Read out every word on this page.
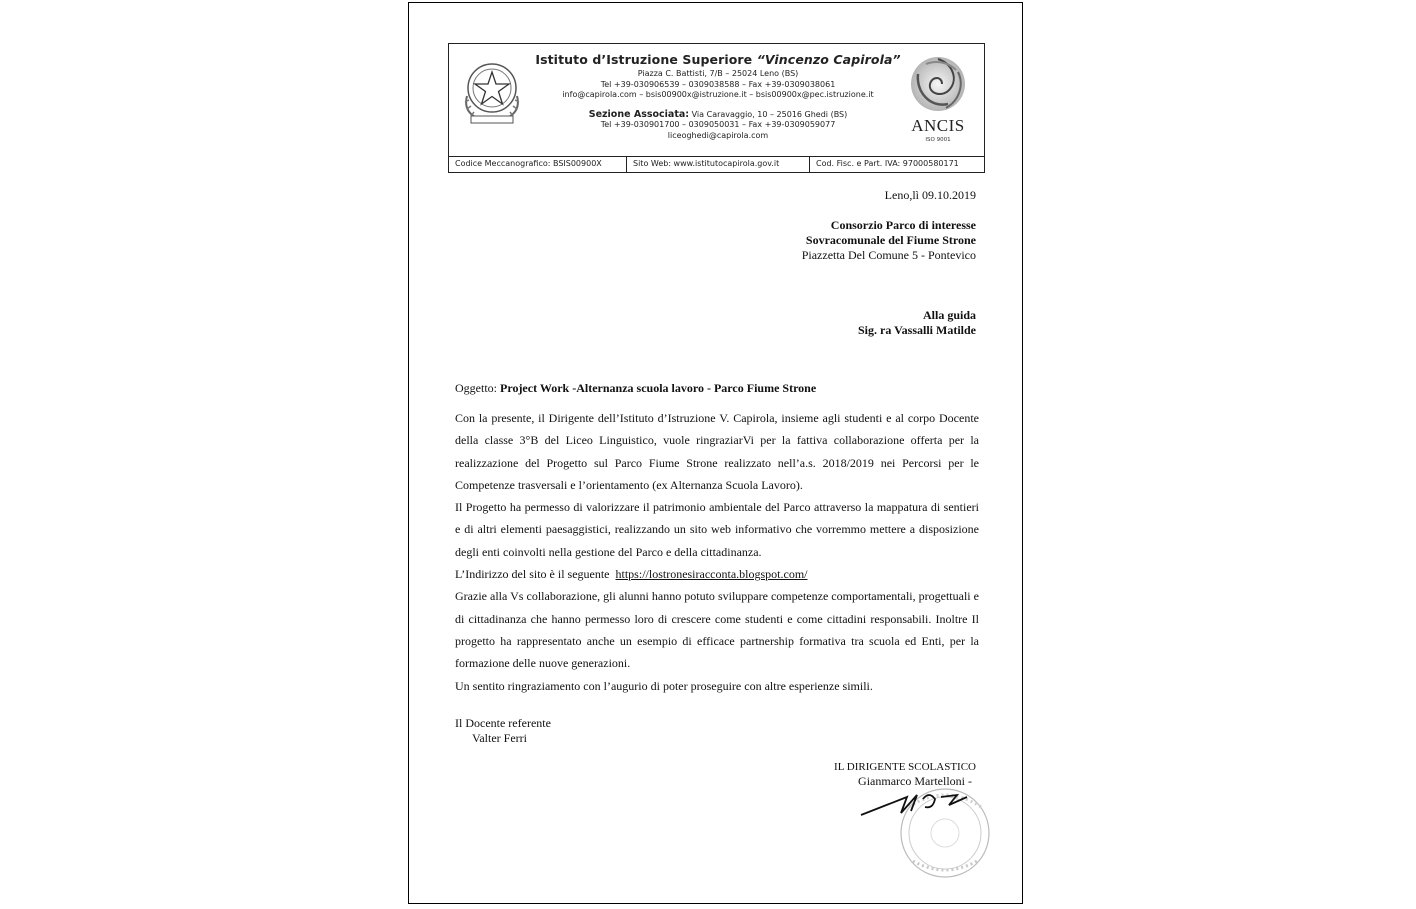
Istituto d’Istruzione Superiore “Vincenzo Capirola”
Piazza C. Battisti, 7/B – 25024 Leno (BS)
Tel +39-030906539 – 0309038588 – Fax +39-0309038061
info@capirola.com – bsis00900x@istruzione.it – bsis00900x@pec.istruzione.it
Sezione Associata: Via Caravaggio, 10 – 25016 Ghedi (BS)
Tel +39-030901700 – 0309050031 – Fax +39-0309059077
liceoghedi@capirola.com	ANCIS
ISO 9001
Codice Meccanografico: BSIS00900X	Sito Web: www.istitutocapirola.gov.it	Cod. Fisc. e Part. IVA: 97000580171
Leno,lì 09.10.2019
Consorzio Parco di interesse
Sovracomunale del Fiume Strone
Piazzetta Del Comune 5 - Pontevico
Alla guida
Sig. ra Vassalli Matilde
Oggetto: Project Work -Alternanza scuola lavoro - Parco Fiume Strone

Con la presente, il Dirigente dell’Istituto d’Istruzione V. Capirola, insieme agli studenti e al corpo Docente della classe 3°B del Liceo Linguistico, vuole ringraziarVi per la fattiva collaborazione offerta per la realizzazione del Progetto sul Parco Fiume Strone realizzato nell’a.s. 2018/2019 nei Percorsi per le Competenze trasversali e l’orientamento (ex Alternanza Scuola Lavoro).

Il Progetto ha permesso di valorizzare il patrimonio ambientale del Parco attraverso la mappatura di sentieri e di altri elementi paesaggistici, realizzando un sito web informativo che vorremmo mettere a disposizione degli enti coinvolti nella gestione del Parco e della cittadinanza.

L’Indirizzo del sito è il seguente https://lostronesiracconta.blogspot.com/

Grazie alla Vs collaborazione, gli alunni hanno potuto sviluppare competenze comportamentali, progettuali e di cittadinanza che hanno permesso loro di crescere come studenti e come cittadini responsabili. Inoltre Il progetto ha rappresentato anche un esempio di efficace partnership formativa tra scuola ed Enti, per la formazione delle nuove generazioni.

Un sentito ringraziamento con l’augurio di poter proseguire con altre esperienze simili.

Il Docente referente
Valter Ferri
IL DIRIGENTE SCOLASTICO
Gianmarco Martelloni -
